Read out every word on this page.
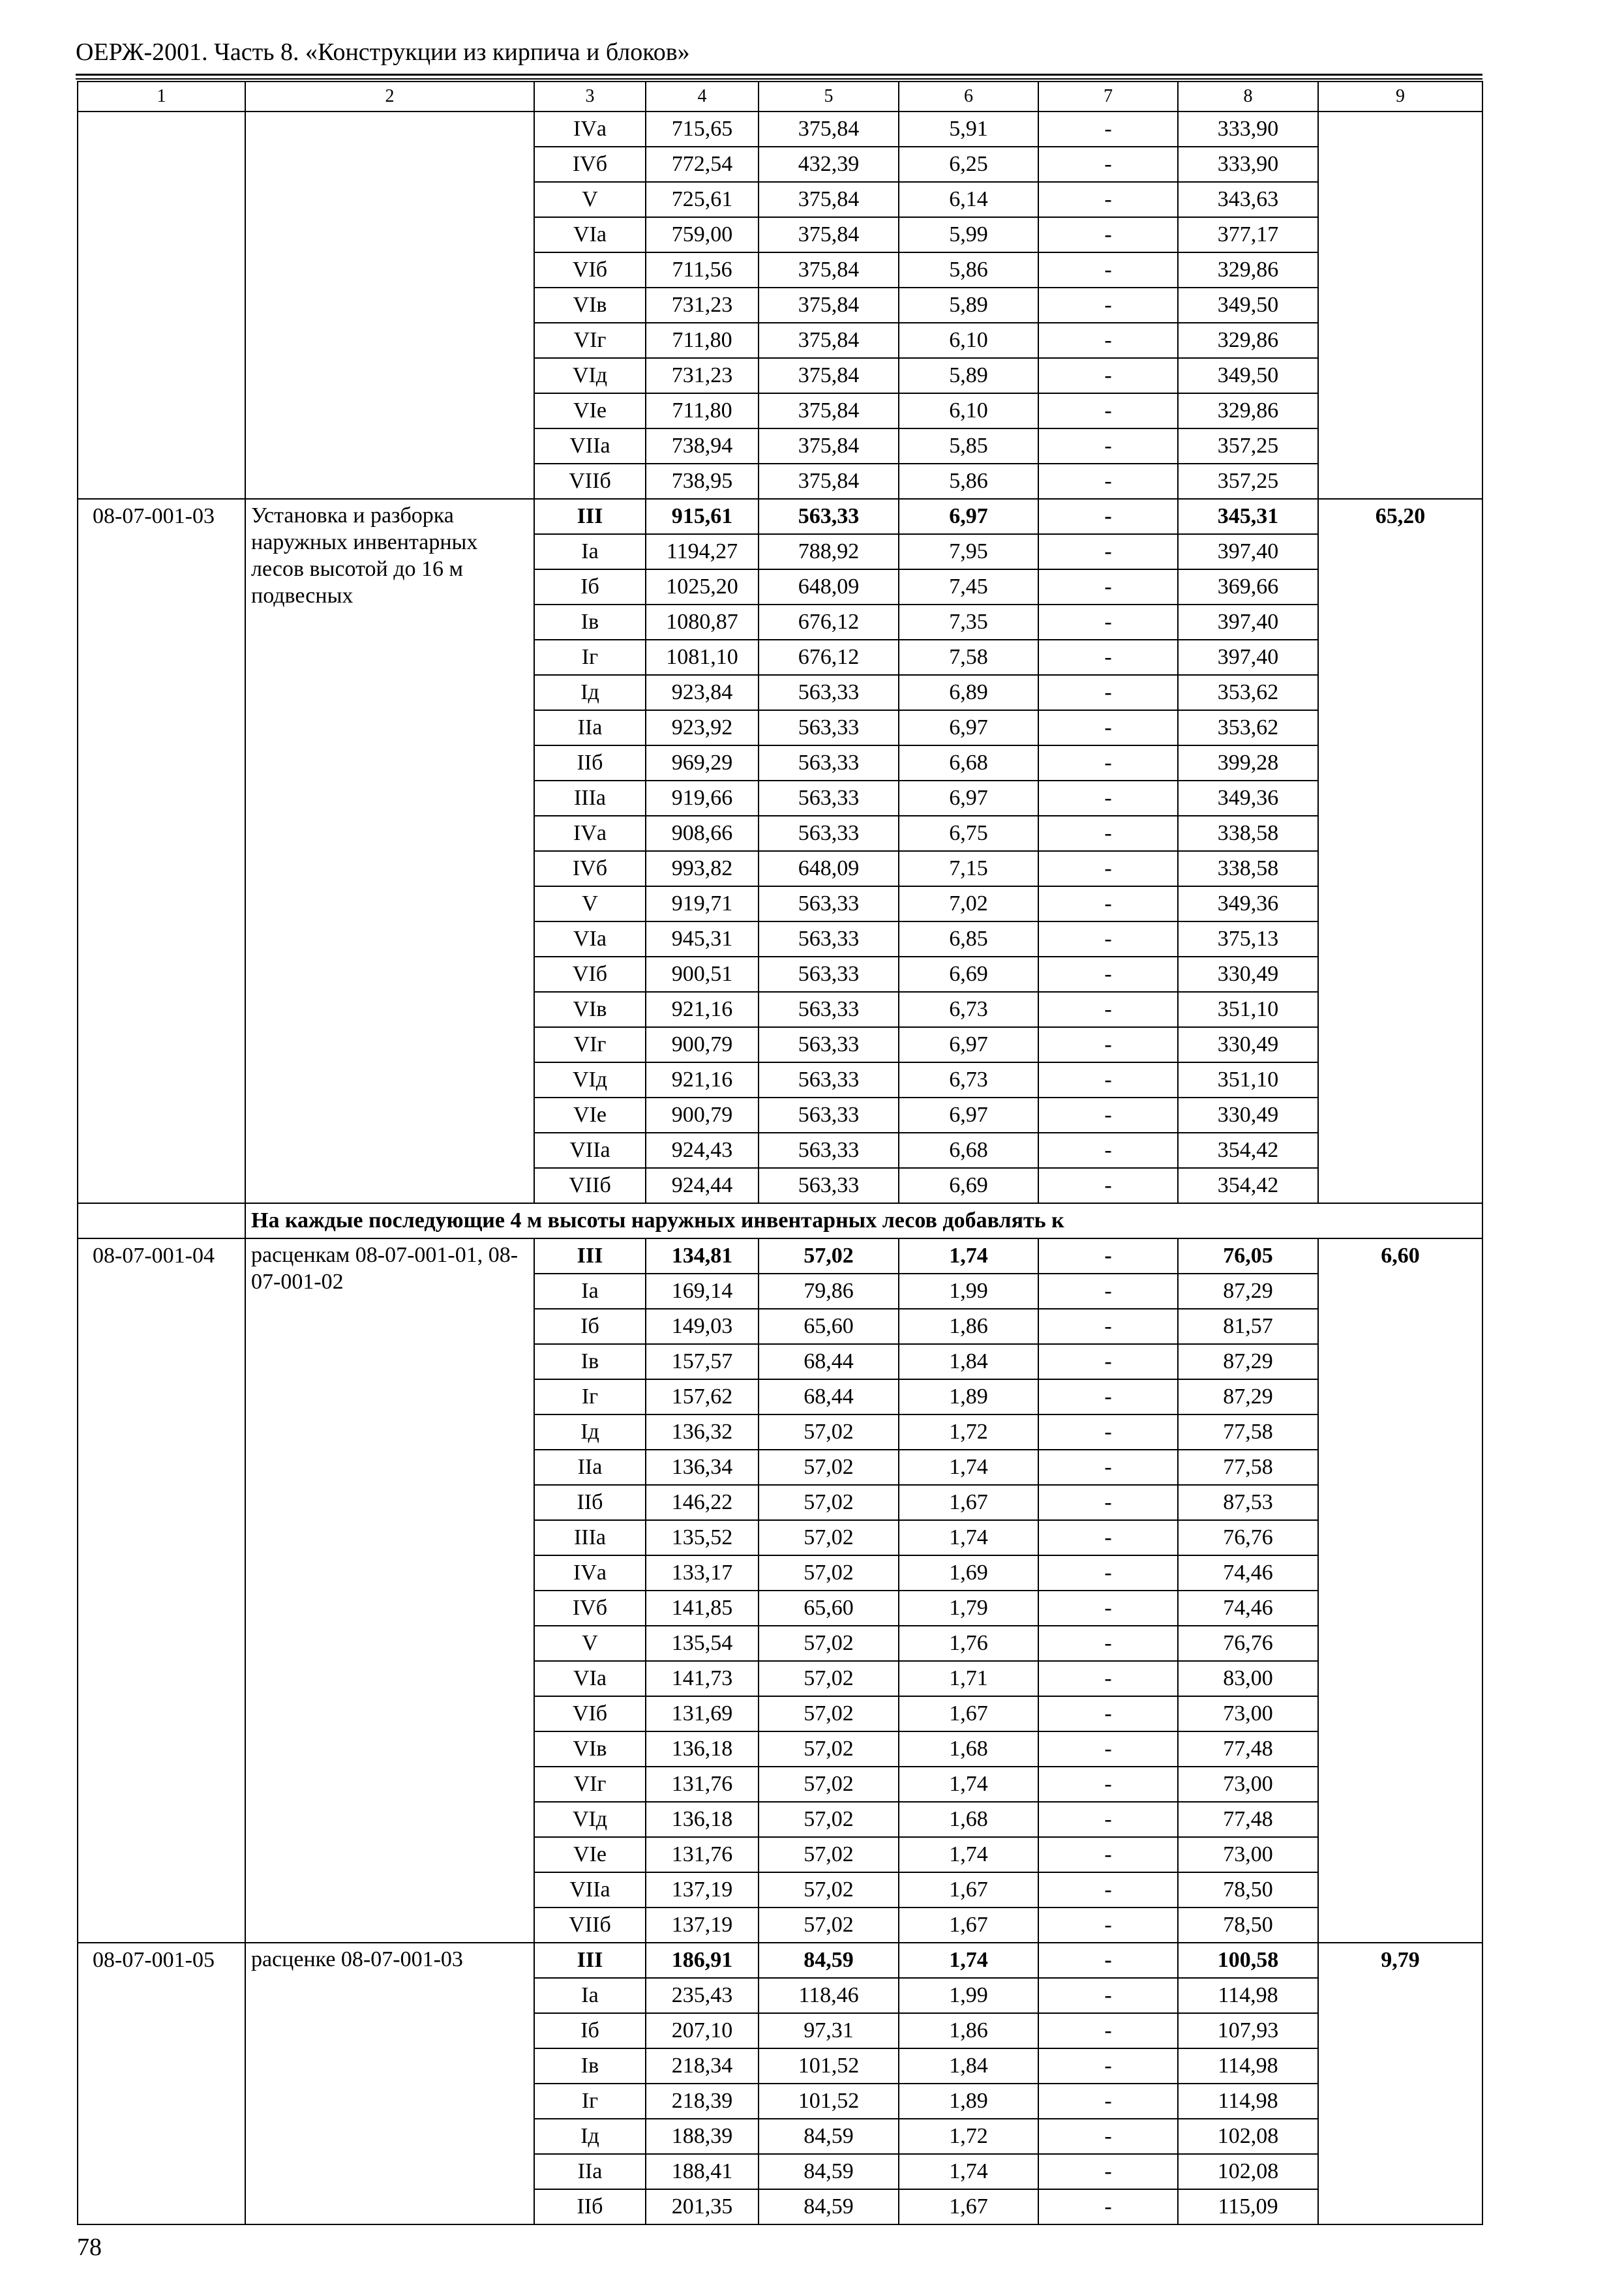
ОЕРЖ-2001. Часть 8. «Конструкции из кирпича и блоков»
1	2	3	4	5	6	7	8	9
		IVа	715,65	375,84	5,91	-	333,90	
		IVб	772,54	432,39	6,25	-	333,90	
		V	725,61	375,84	6,14	-	343,63	
		VIа	759,00	375,84	5,99	-	377,17	
		VIб	711,56	375,84	5,86	-	329,86	
		VIв	731,23	375,84	5,89	-	349,50	
		VIг	711,80	375,84	6,10	-	329,86	
		VIд	731,23	375,84	5,89	-	349,50	
		VIе	711,80	375,84	6,10	-	329,86	
		VIIа	738,94	375,84	5,85	-	357,25	
		VIIб	738,95	375,84	5,86	-	357,25	
08-07-001-03	Установка и разборка наружных инвентарных лесов высотой до 16 м подвесных	III	915,61	563,33	6,97	-	345,31	65,20
		Iа	1194,27	788,92	7,95	-	397,40	
		Iб	1025,20	648,09	7,45	-	369,66	
		Iв	1080,87	676,12	7,35	-	397,40	
		Iг	1081,10	676,12	7,58	-	397,40	
		Iд	923,84	563,33	6,89	-	353,62	
		IIа	923,92	563,33	6,97	-	353,62	
		IIб	969,29	563,33	6,68	-	399,28	
		IIIа	919,66	563,33	6,97	-	349,36	
		IVа	908,66	563,33	6,75	-	338,58	
		IVб	993,82	648,09	7,15	-	338,58	
		V	919,71	563,33	7,02	-	349,36	
		VIа	945,31	563,33	6,85	-	375,13	
		VIб	900,51	563,33	6,69	-	330,49	
		VIв	921,16	563,33	6,73	-	351,10	
		VIг	900,79	563,33	6,97	-	330,49	
		VIд	921,16	563,33	6,73	-	351,10	
		VIе	900,79	563,33	6,97	-	330,49	
		VIIа	924,43	563,33	6,68	-	354,42	
		VIIб	924,44	563,33	6,69	-	354,42	
	На каждые последующие 4 м высоты наружных инвентарных лесов добавлять к							
08-07-001-04	расценкам 08-07-001-01, 08-07-001-02	III	134,81	57,02	1,74	-	76,05	6,60
		Iа	169,14	79,86	1,99	-	87,29	
		Iб	149,03	65,60	1,86	-	81,57	
		Iв	157,57	68,44	1,84	-	87,29	
		Iг	157,62	68,44	1,89	-	87,29	
		Iд	136,32	57,02	1,72	-	77,58	
		IIа	136,34	57,02	1,74	-	77,58	
		IIб	146,22	57,02	1,67	-	87,53	
		IIIа	135,52	57,02	1,74	-	76,76	
		IVа	133,17	57,02	1,69	-	74,46	
		IVб	141,85	65,60	1,79	-	74,46	
		V	135,54	57,02	1,76	-	76,76	
		VIа	141,73	57,02	1,71	-	83,00	
		VIб	131,69	57,02	1,67	-	73,00	
		VIв	136,18	57,02	1,68	-	77,48	
		VIг	131,76	57,02	1,74	-	73,00	
		VIд	136,18	57,02	1,68	-	77,48	
		VIе	131,76	57,02	1,74	-	73,00	
		VIIа	137,19	57,02	1,67	-	78,50	
		VIIб	137,19	57,02	1,67	-	78,50	
08-07-001-05	расценке 08-07-001-03	III	186,91	84,59	1,74	-	100,58	9,79
		Iа	235,43	118,46	1,99	-	114,98	
		Iб	207,10	97,31	1,86	-	107,93	
		Iв	218,34	101,52	1,84	-	114,98	
		Iг	218,39	101,52	1,89	-	114,98	
		Iд	188,39	84,59	1,72	-	102,08	
		IIа	188,41	84,59	1,74	-	102,08	
		IIб	201,35	84,59	1,67	-	115,09	
78
